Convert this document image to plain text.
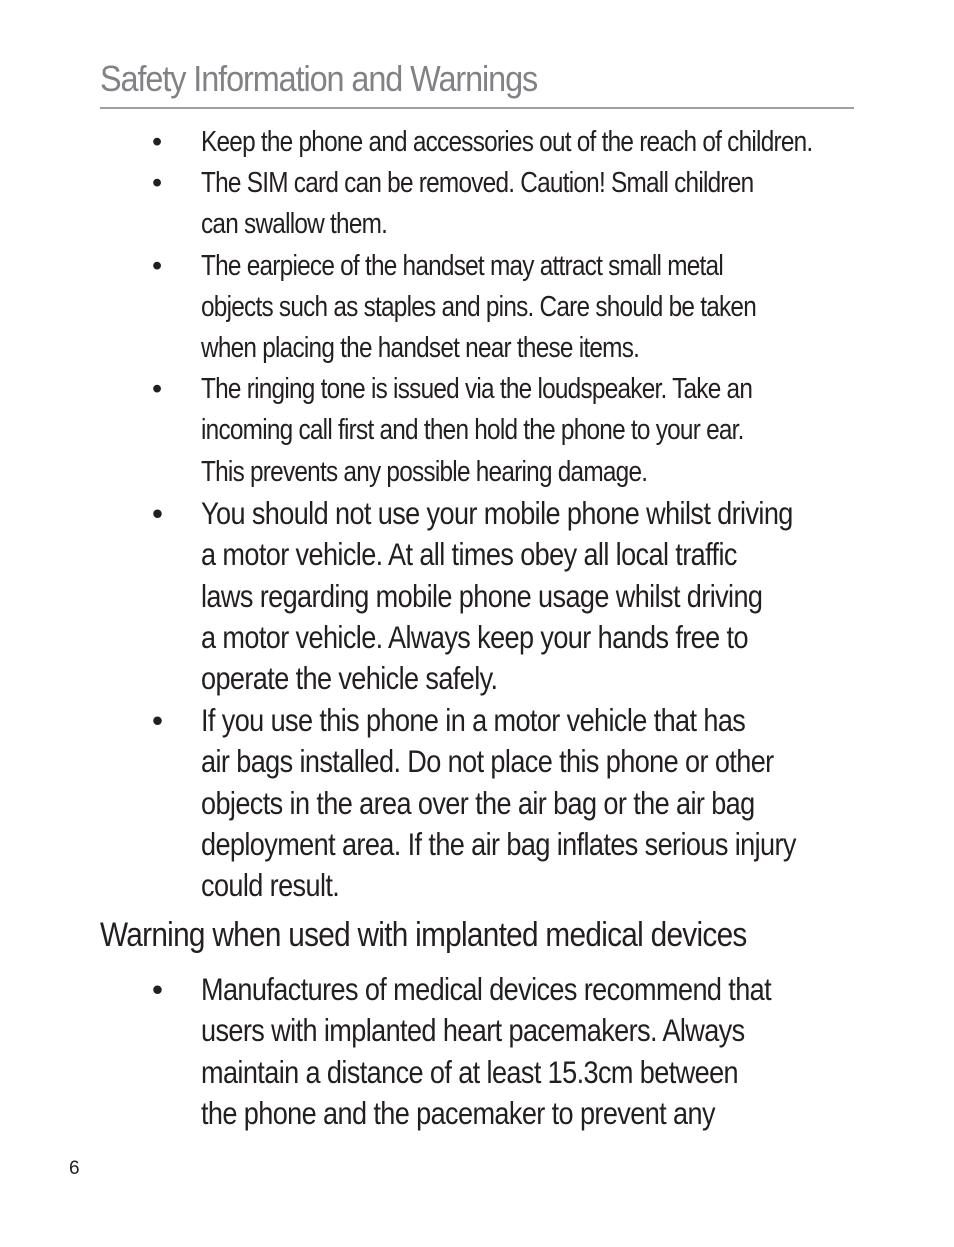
Safety Information and Warnings
• Keep the phone and accessories out of the reach of children.
• The SIM card can be removed. Caution! Small children
can swallow them.
• The earpiece of the handset may attract small metal
objects such as staples and pins. Care should be taken
when placing the handset near these items.
• The ringing tone is issued via the loudspeaker. Take an
incoming call first and then hold the phone to your ear.
This prevents any possible hearing damage.
• You should not use your mobile phone whilst driving
a motor vehicle. At all times obey all local traffic
laws regarding mobile phone usage whilst driving
a motor vehicle. Always keep your hands free to
operate the vehicle safely.
• If you use this phone in a motor vehicle that has
air bags installed. Do not place this phone or other
objects in the area over the air bag or the air bag
deployment area. If the air bag inflates serious injury
could result.
Warning when used with implanted medical devices
• Manufactures of medical devices recommend that
users with implanted heart pacemakers. Always
maintain a distance of at least 15.3cm between
the phone and the pacemaker to prevent any
6
